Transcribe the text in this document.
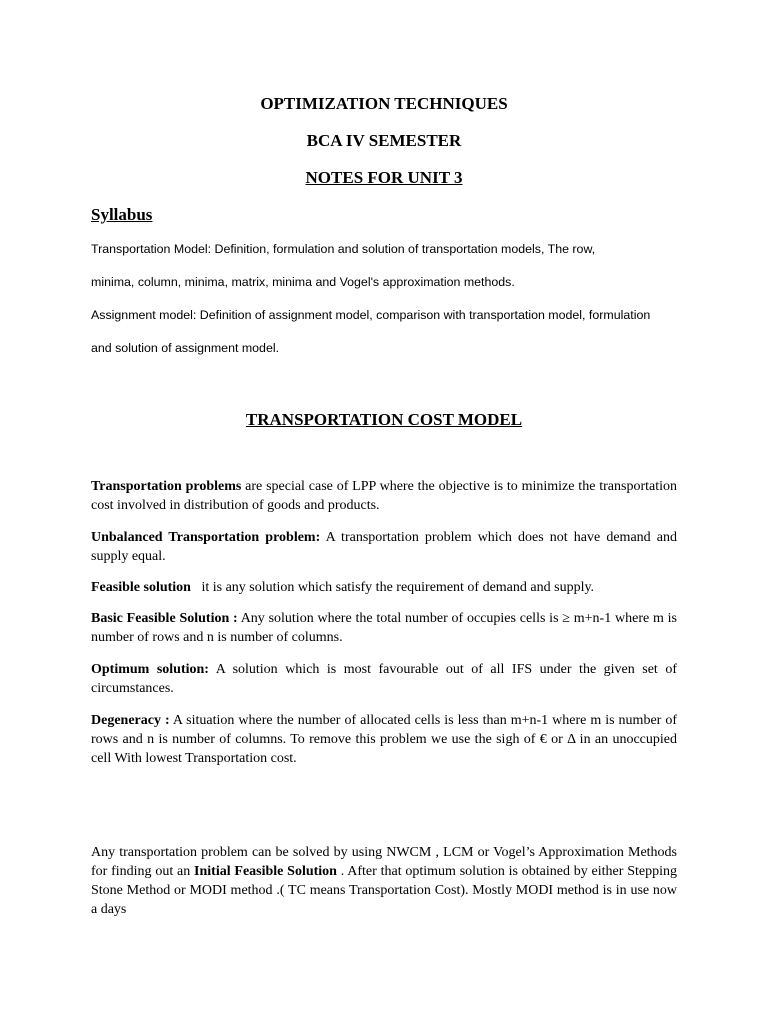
OPTIMIZATION TECHNIQUES
BCA IV SEMESTER
NOTES FOR UNIT 3
Syllabus
Transportation Model: Definition, formulation and solution of transportation models, The row,
minima, column, minima, matrix, minima and Vogel's approximation methods.
Assignment model: Definition of assignment model, comparison with transportation model, formulation
and solution of assignment model.
TRANSPORTATION COST MODEL
Transportation problems are special case of LPP where the objective is to minimize the transportation cost involved in distribution of goods and products.
Unbalanced Transportation problem: A transportation problem which does not have demand and supply equal.
Feasible solution   it is any solution which satisfy the requirement of demand and supply.
Basic Feasible Solution : Any solution where the total number of occupies cells is ≥ m+n-1 where m is number of rows and n is number of columns.
Optimum solution: A solution which is most favourable out of all IFS under the given set of circumstances.
Degeneracy : A situation where the number of allocated cells is less than m+n-1 where m is number of rows and n is number of columns. To remove this problem we use the sigh of € or Δ in an unoccupied cell With lowest Transportation cost.
Any transportation problem can be solved by using NWCM , LCM or Vogel’s Approximation Methods for finding out an Initial Feasible Solution . After that optimum solution is obtained by either Stepping Stone Method or MODI method .( TC means Transportation Cost). Mostly MODI method is in use now a days
